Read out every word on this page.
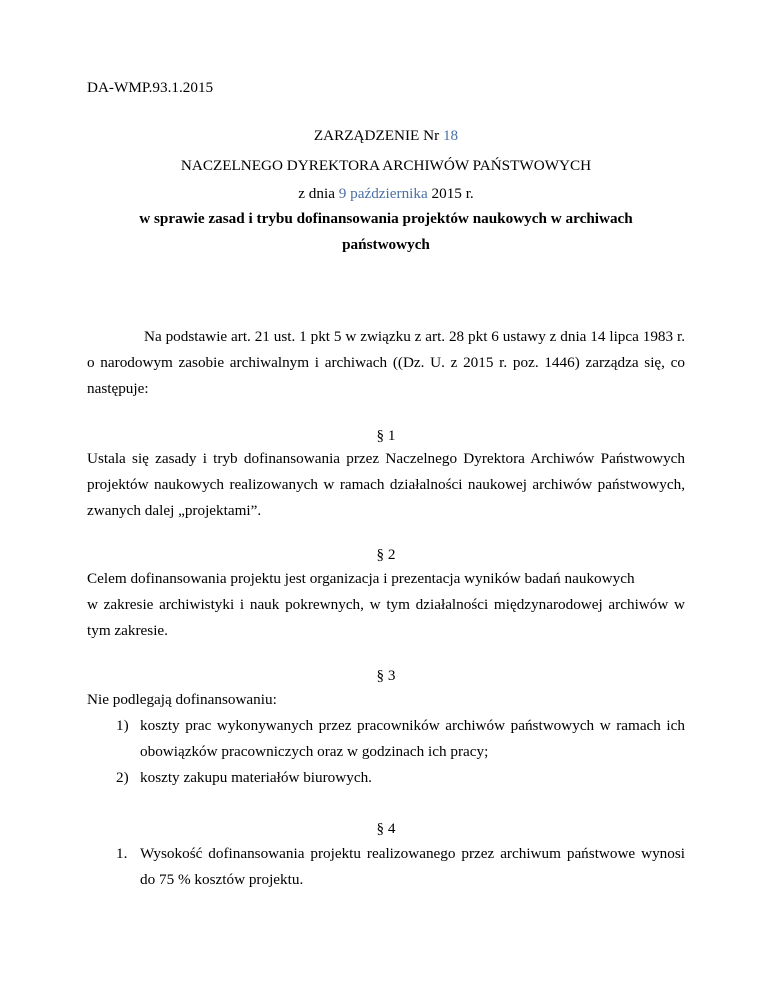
DA-WMP.93.1.2015

ZARZĄDZENIE Nr 18

NACZELNEGO DYREKTORA ARCHIWÓW PAŃSTWOWYCH

z dnia 9 października 2015 r.

w sprawie zasad i trybu dofinansowania projektów naukowych w archiwach

państwowych

Na podstawie art. 21 ust. 1 pkt 5 w związku z art. 28 pkt 6 ustawy z dnia 14 lipca 1983 r. o narodowym zasobie archiwalnym i archiwach ((Dz. U. z 2015 r. poz. 1446) zarządza się, co następuje:

§ 1

Ustala się zasady i tryb dofinansowania przez Naczelnego Dyrektora Archiwów Państwowych projektów naukowych realizowanych w ramach działalności naukowej archiwów państwowych, zwanych dalej „projektami”.

§ 2

Celem dofinansowania projektu jest organizacja i prezentacja wyników badań naukowych

w zakresie archiwistyki i nauk pokrewnych, w tym działalności międzynarodowej archiwów w tym zakresie.

§ 3

Nie podlegają dofinansowaniu:

1) koszty prac wykonywanych przez pracowników archiwów państwowych w ramach ich obowiązków pracowniczych oraz w godzinach ich pracy;
2) koszty zakupu materiałów biurowych.

§ 4

1. Wysokość dofinansowania projektu realizowanego przez archiwum państwowe wynosi do 75 % kosztów projektu.
